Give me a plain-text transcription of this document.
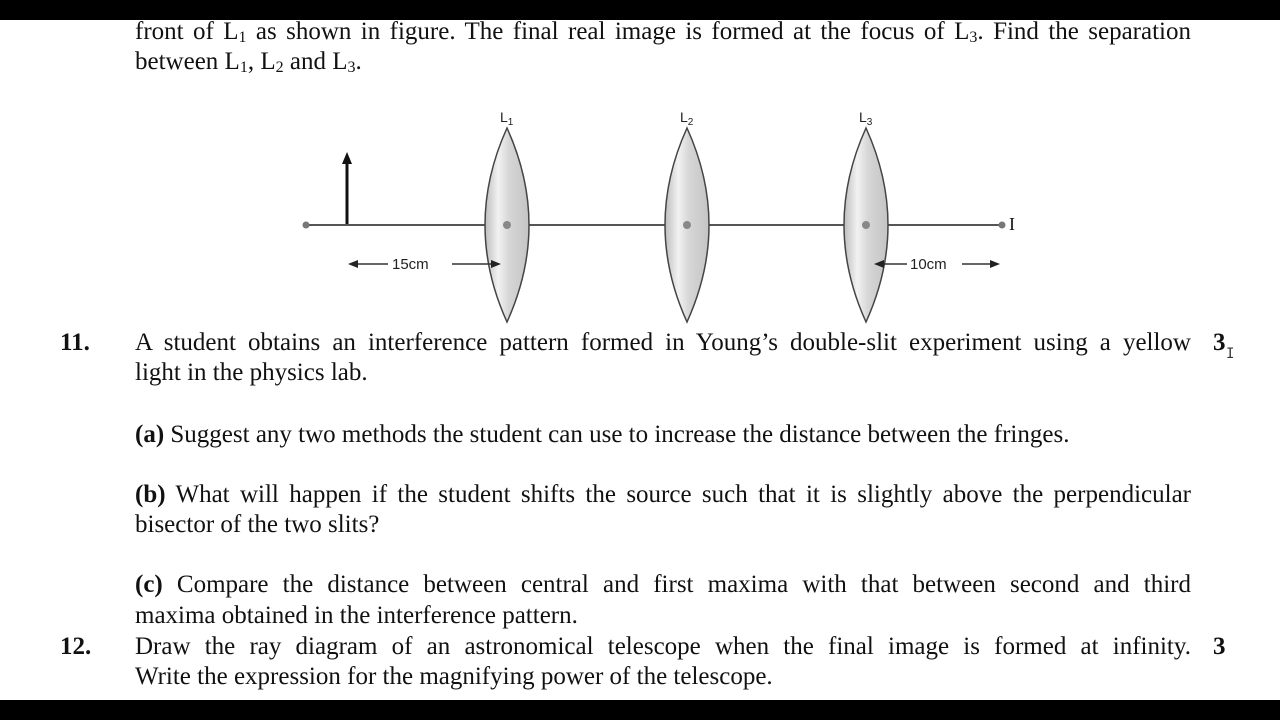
front of $L_1$ as shown in figure. The final real image is formed at the focus of $L_3$. Find the separation
between $L_1$, $L_2$ and $L_3$.
$L_1$	$L_2$	$L_3$
15cm	10cm
I
11. A student obtains an interference pattern formed in Young’s double-slit experiment using a yellow 3 I
light in the physics lab.
(a) Suggest any two methods the student can use to increase the distance between the fringes.
(b) What will happen if the student shifts the source such that it is slightly above the perpendicular
bisector of the two slits?
(c) Compare the distance between central and first maxima with that between second and third
maxima obtained in the interference pattern.
12. Draw the ray diagram of an astronomical telescope when the final image is formed at infinity. 3
Write the expression for the magnifying power of the telescope.
